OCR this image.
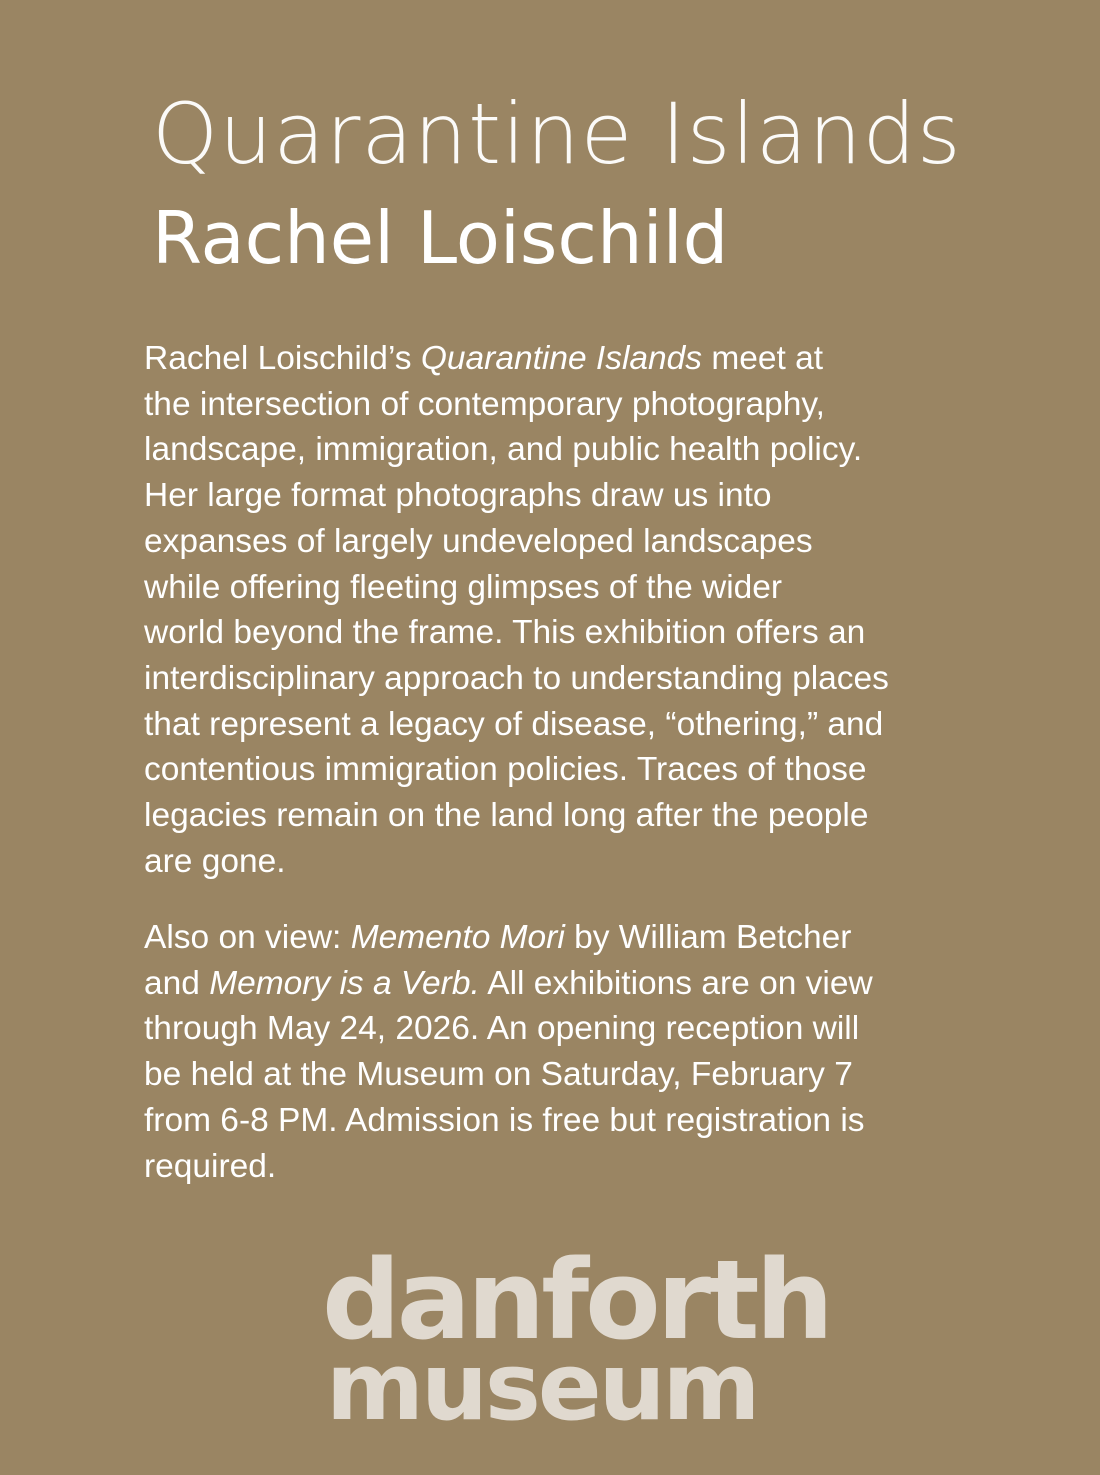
Quarantine Islands
Rachel Loischild
Rachel Loischild’s Quarantine Islands meet at
the intersection of contemporary photography,
landscape, immigration, and public health policy.
Her large format photographs draw us into
expanses of largely undeveloped landscapes
while offering fleeting glimpses of the wider
world beyond the frame. This exhibition offers an
interdisciplinary approach to understanding places
that represent a legacy of disease, “othering,” and
contentious immigration policies. Traces of those
legacies remain on the land long after the people
are gone.
Also on view: Memento Mori by William Betcher
and Memory is a Verb. All exhibitions are on view
through May 24, 2026. An opening reception will
be held at the Museum on Saturday, February 7
from 6-8 PM. Admission is free but registration is
required.
danforth
museum
